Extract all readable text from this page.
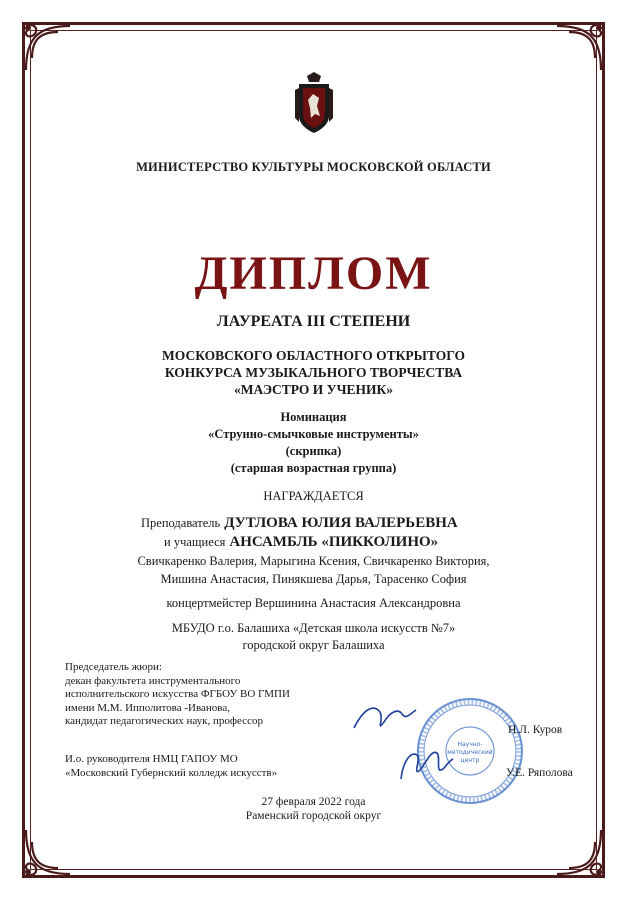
МИНИСТЕРСТВО КУЛЬТУРЫ МОСКОВСКОЙ ОБЛАСТИ
ДИПЛОМ
ЛАУРЕАТА III СТЕПЕНИ
МОСКОВСКОГО ОБЛАСТНОГО ОТКРЫТОГО
КОНКУРСА МУЗЫКАЛЬНОГО ТВОРЧЕСТВА
«МАЭСТРО И УЧЕНИК»
Номинация
«Струнно-смычковые инструменты»
(скрипка)
(старшая возрастная группа)
НАГРАЖДАЕТСЯ
Преподаватель ДУТЛОВА ЮЛИЯ ВАЛЕРЬЕВНА
и учащиеся АНСАМБЛЬ «ПИККОЛИНО»
Свичкаренко Валерия, Марыгина Ксения, Свичкаренко Виктория,
Мишина Анастасия, Пинякшева Дарья, Тарасенко София
концертмейстер Вершинина Анастасия Александровна
МБУДО г.о. Балашиха «Детская школа искусств №7»
городской округ Балашиха
Председатель жюри:
декан факультета инструментального
исполнительского искусства ФГБОУ ВО ГМПИ
имени М.М. Ипполитова -Иванова,
кандидат педагогических наук, профессор
И.о. руководителя НМЦ ГАПОУ МО
«Московский Губернский колледж искусств»
Научно-
методический
центр
Н.Л. Куров
У.Е. Ряполова
27 февраля 2022 года
Раменский городской округ
